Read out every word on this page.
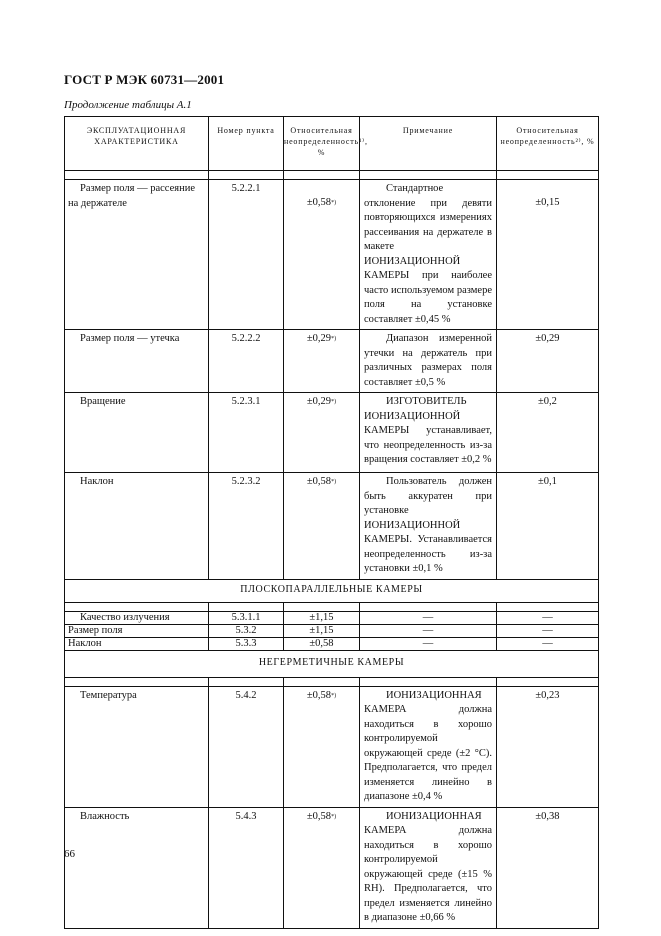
ГОСТ Р МЭК 60731—2001
Продолжение таблицы А.1
ЭКСПЛУАТАЦИОННАЯ ХАРАКТЕРИСТИКА	Номер пункта	Относительная неопределенность¹⁾, %	Примечание	Относительная неопределенность²⁾, %

Размер поля — рассеяние на держателе	5.2.2.1	±0,58*)	Стандартное отклонение при девяти повторяющихся измерениях рассеивания на держателе в макете ИОНИЗАЦИОННОЙ КАМЕРЫ при наиболее часто используемом размере поля на установке составляет ±0,45 %	±0,15
Размер поля — утечка	5.2.2.2	±0,29*)	Диапазон измеренной утечки на держатель при различных размерах поля составляет ±0,5 %	±0,29
Вращение	5.2.3.1	±0,29*)	ИЗГОТОВИТЕЛЬ ИОНИЗАЦИОННОЙ КАМЕРЫ устанавливает, что неопределенность из-за вращения составляет ±0,2 %	±0,2
Наклон	5.2.3.2	±0,58*)	Пользователь должен быть аккуратен при установке ИОНИЗАЦИОННОЙ КАМЕРЫ. Устанавливается неопределенность из-за установки ±0,1 %	±0,1
ПЛОСКОПАРАЛЛЕЛЬНЫЕ КАМЕРЫ				

Качество излучения	5.3.1.1	±1,15	—	—
Размер поля	5.3.2	±1,15	—	—
Наклон	5.3.3	±0,58	—	—
НЕГЕРМЕТИЧНЫЕ КАМЕРЫ				

Температура	5.4.2	±0,58*)	ИОНИЗАЦИОННАЯ КАМЕРА должна находиться в хорошо контролируемой окружающей среде (±2 °C). Предполагается, что предел изменяется линейно в диапазоне ±0,4 %	±0,23
Влажность	5.4.3	±0,58*)	ИОНИЗАЦИОННАЯ КАМЕРА должна находиться в хорошо контролируемой окружающей среде (±15 % RH). Предполагается, что предел изменяется линейно в диапазоне ±0,66 %	±0,38
66
